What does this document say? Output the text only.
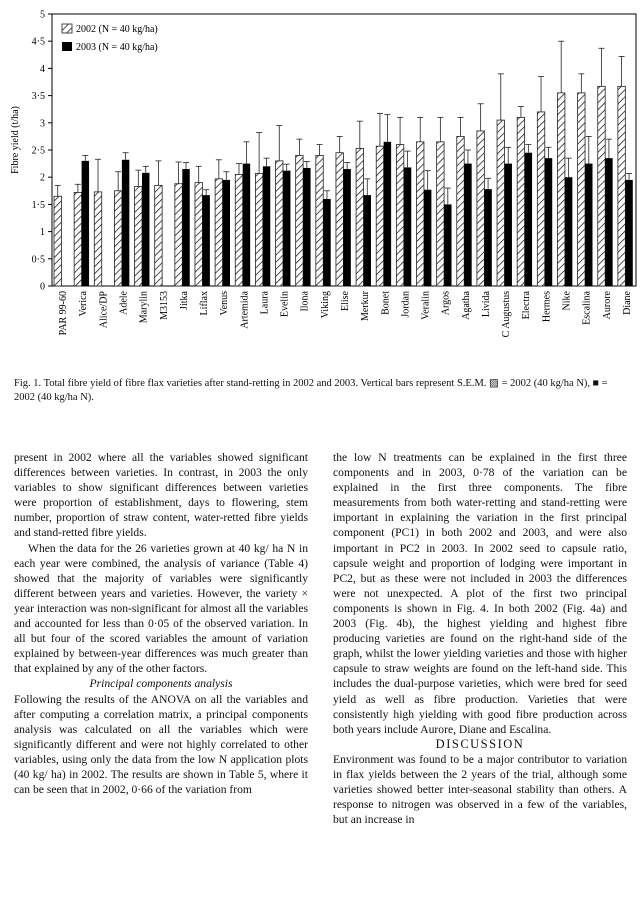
0
0·5
1
1·5
2
2·5
3
3·5
4
4·5
5
PAR 99-60 Verica Alice/DP Adele Marylin M3153 Jitka Liflax Venus Artemida Laura Evelin Ilona Viking Elise Merkur Bonet Jordan Veralin Argos Agatha Livida C Augustus Electra Hermes Nike Escalina Aurore Diane
2002 (N = 40 kg/ha)
2003 (N = 40 kg/ha)
Fibre yield (t/ha)
Fig. 1. Total fibre yield of fibre flax varieties after stand-retting in 2002 and 2003. Vertical bars represent S.E.M. ▨ = 2002 (40 kg/ha N), ■ = 2002 (40 kg/ha N).

present in 2002 where all the variables showed significant differences between varieties. In contrast, in 2003 the only variables to show significant differences between varieties were proportion of establishment, days to flowering, stem number, proportion of straw content, water-retted fibre yields and stand-retted fibre yields.

When the data for the 26 varieties grown at 40 kg/ ha N in each year were combined, the analysis of variance (Table 4) showed that the majority of variables were significantly different between years and varieties. However, the variety × year interaction was non-significant for almost all the variables and accounted for less than 0·05 of the observed variation. In all but four of the scored variables the amount of variation explained by between-year differences was much greater than that explained by any of the other factors.

Principal components analysis

Following the results of the ANOVA on all the variables and after computing a correlation matrix, a principal components analysis was calculated on all the variables which were significantly different and were not highly correlated to other variables, using only the data from the low N application plots (40 kg/ ha) in 2002. The results are shown in Table 5, where it can be seen that in 2002, 0·66 of the variation from

the low N treatments can be explained in the first three components and in 2003, 0·78 of the variation can be explained in the first three components. The fibre measurements from both water-retting and stand-retting were important in explaining the variation in the first principal component (PC1) in both 2002 and 2003, and were also important in PC2 in 2003. In 2002 seed to capsule ratio, capsule weight and proportion of lodging were important in PC2, but as these were not included in 2003 the differences were not unexpected. A plot of the first two principal components is shown in Fig. 4. In both 2002 (Fig. 4a) and 2003 (Fig. 4b), the highest yielding and highest fibre producing varieties are found on the right-hand side of the graph, whilst the lower yielding varieties and those with higher capsule to straw weights are found on the left-hand side. This includes the dual-purpose varieties, which were bred for seed yield as well as fibre production. Varieties that were consistently high yielding with good fibre production across both years include Aurore, Diane and Escalina.

DISCUSSION

Environment was found to be a major contributor to variation in flax yields between the 2 years of the trial, although some varieties showed better inter-seasonal stability than others. A response to nitrogen was observed in a few of the variables, but an increase in
